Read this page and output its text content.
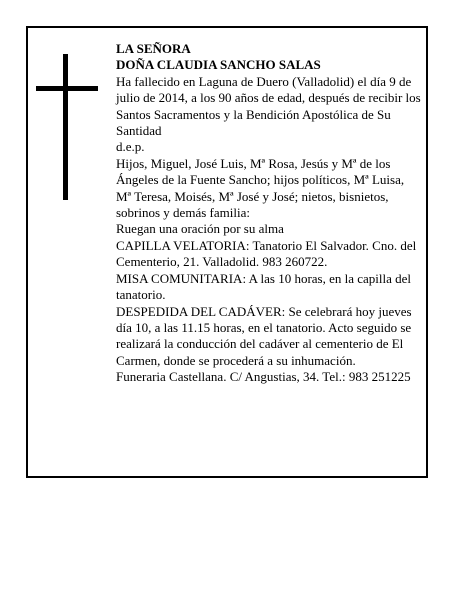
LA SEÑORA

DOÑA CLAUDIA SANCHO SALAS

Ha fallecido en Laguna de Duero (Valladolid) el día 9 de julio de 2014, a los 90 años de edad, después de recibir los Santos Sacramentos y la Bendición Apostólica de Su Santidad

d.e.p.

Hijos, Miguel, José Luis, Mª Rosa, Jesús y Mª de los Ángeles de la Fuente Sancho; hijos políticos, Mª Luisa, Mª Teresa, Moisés, Mª José y José; nietos, bisnietos, sobrinos y demás familia:

Ruegan una oración por su alma

CAPILLA VELATORIA: Tanatorio El Salvador. Cno. del Cementerio, 21. Valladolid. 983 260722.

MISA COMUNITARIA: A las 10 horas, en la capilla del tanatorio.

DESPEDIDA DEL CADÁVER: Se celebrará hoy jueves día 10, a las 11.15 horas, en el tanatorio. Acto seguido se realizará la conducción del cadáver al cementerio de El Carmen, donde se procederá a su inhumación.

Funeraria Castellana. C/ Angustias, 34. Tel.: 983 251225
